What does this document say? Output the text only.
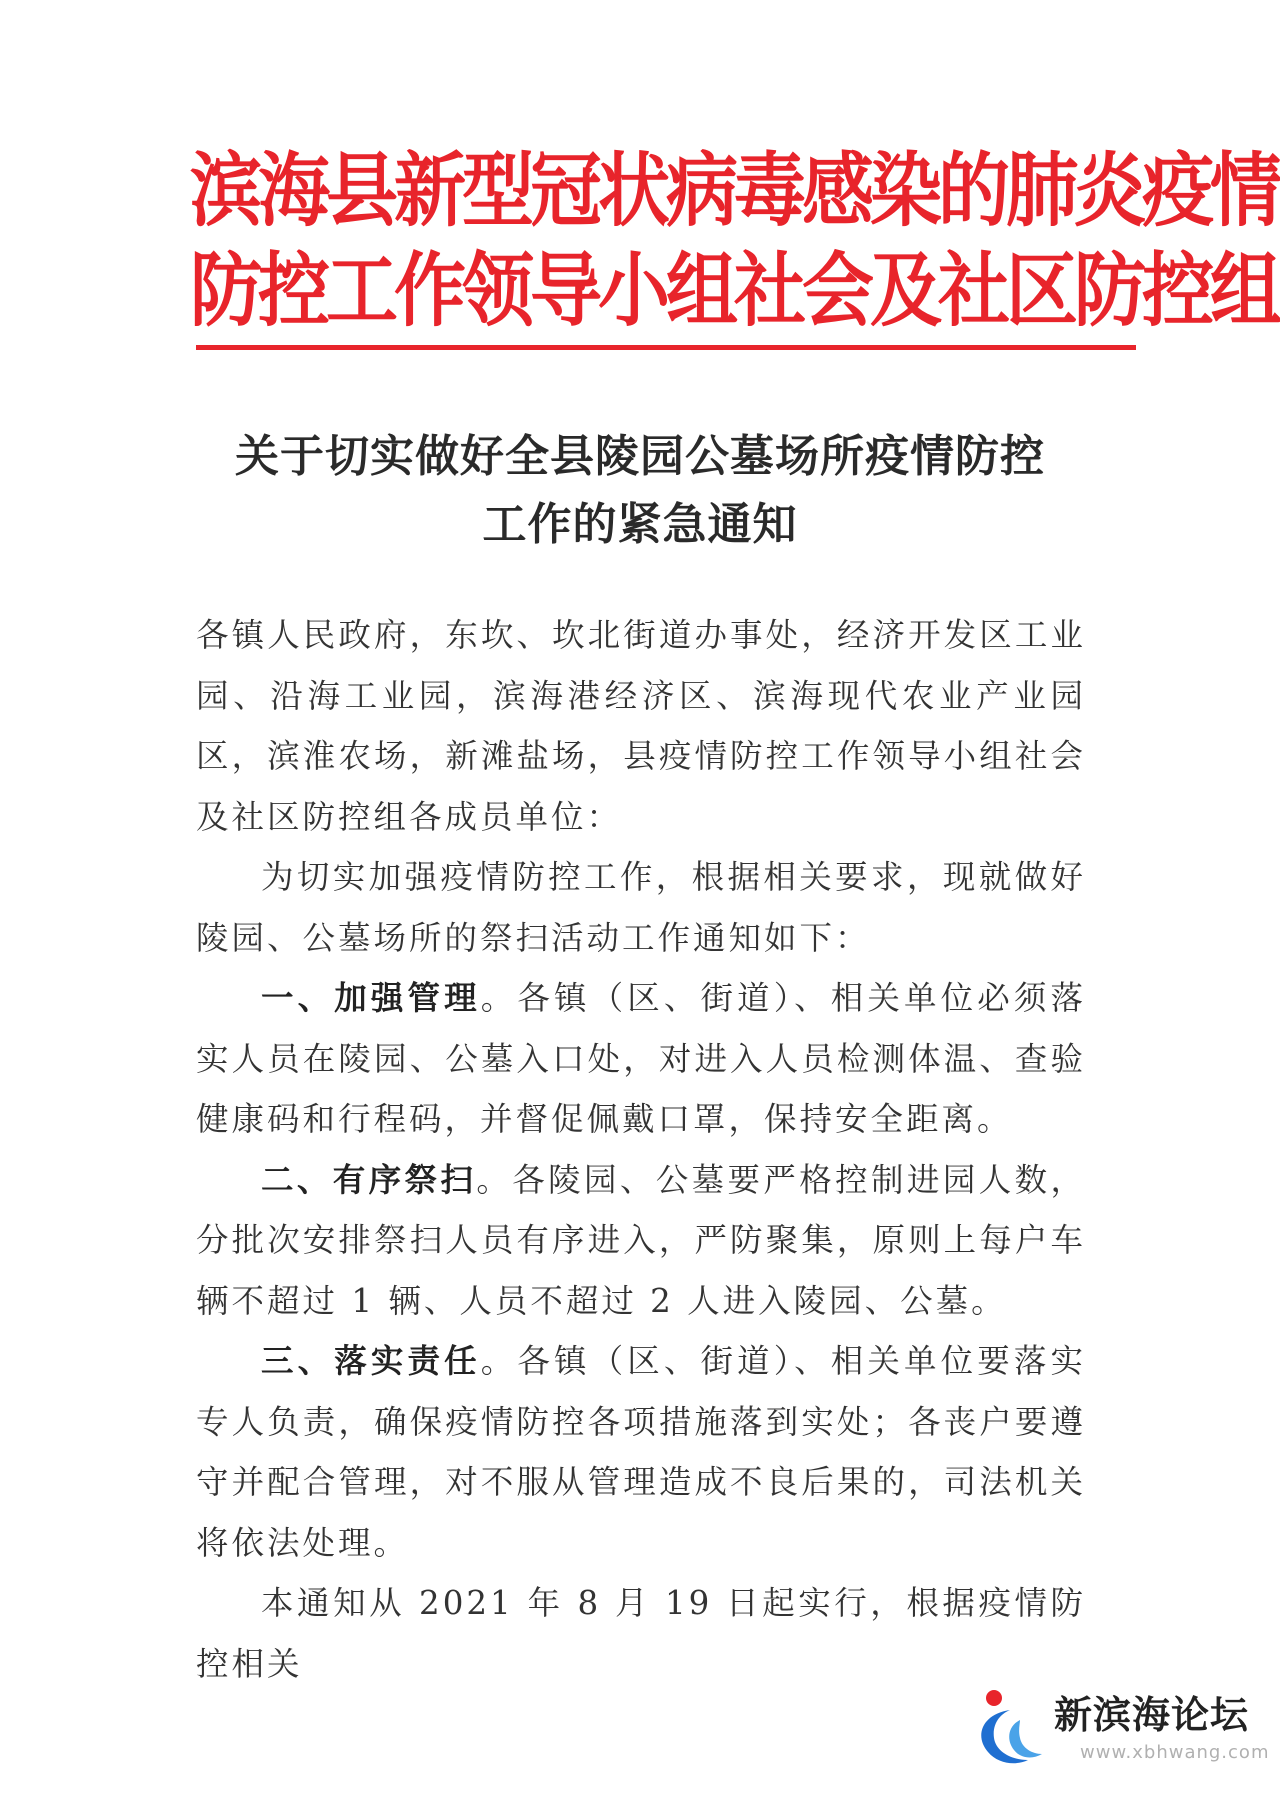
滨海县新型冠状病毒感染的肺炎疫情
防控工作领导小组社会及社区防控组
关于切实做好全县陵园公墓场所疫情防控
工作的紧急通知

各镇人民政府，东坎、坎北街道办事处，经济开发区工业园、沿海工业园，滨海港经济区、滨海现代农业产业园区，滨淮农场，新滩盐场，县疫情防控工作领导小组社会及社区防控组各成员单位：

为切实加强疫情防控工作，根据相关要求，现就做好陵园、公墓场所的祭扫活动工作通知如下：

一、加强管理。各镇（区、街道）、相关单位必须落实人员在陵园、公墓入口处，对进入人员检测体温、查验健康码和行程码，并督促佩戴口罩，保持安全距离。

二、有序祭扫。各陵园、公墓要严格控制进园人数，分批次安排祭扫人员有序进入，严防聚集，原则上每户车辆不超过 1 辆、人员不超过 2 人进入陵园、公墓。

三、落实责任。各镇（区、街道）、相关单位要落实专人负责，确保疫情防控各项措施落到实处；各丧户要遵守并配合管理，对不服从管理造成不良后果的，司法机关将依法处理。

本通知从 2021 年 8 月 19 日起实行，根据疫情防控相关

新滨海论坛
www.xbhwang.com
